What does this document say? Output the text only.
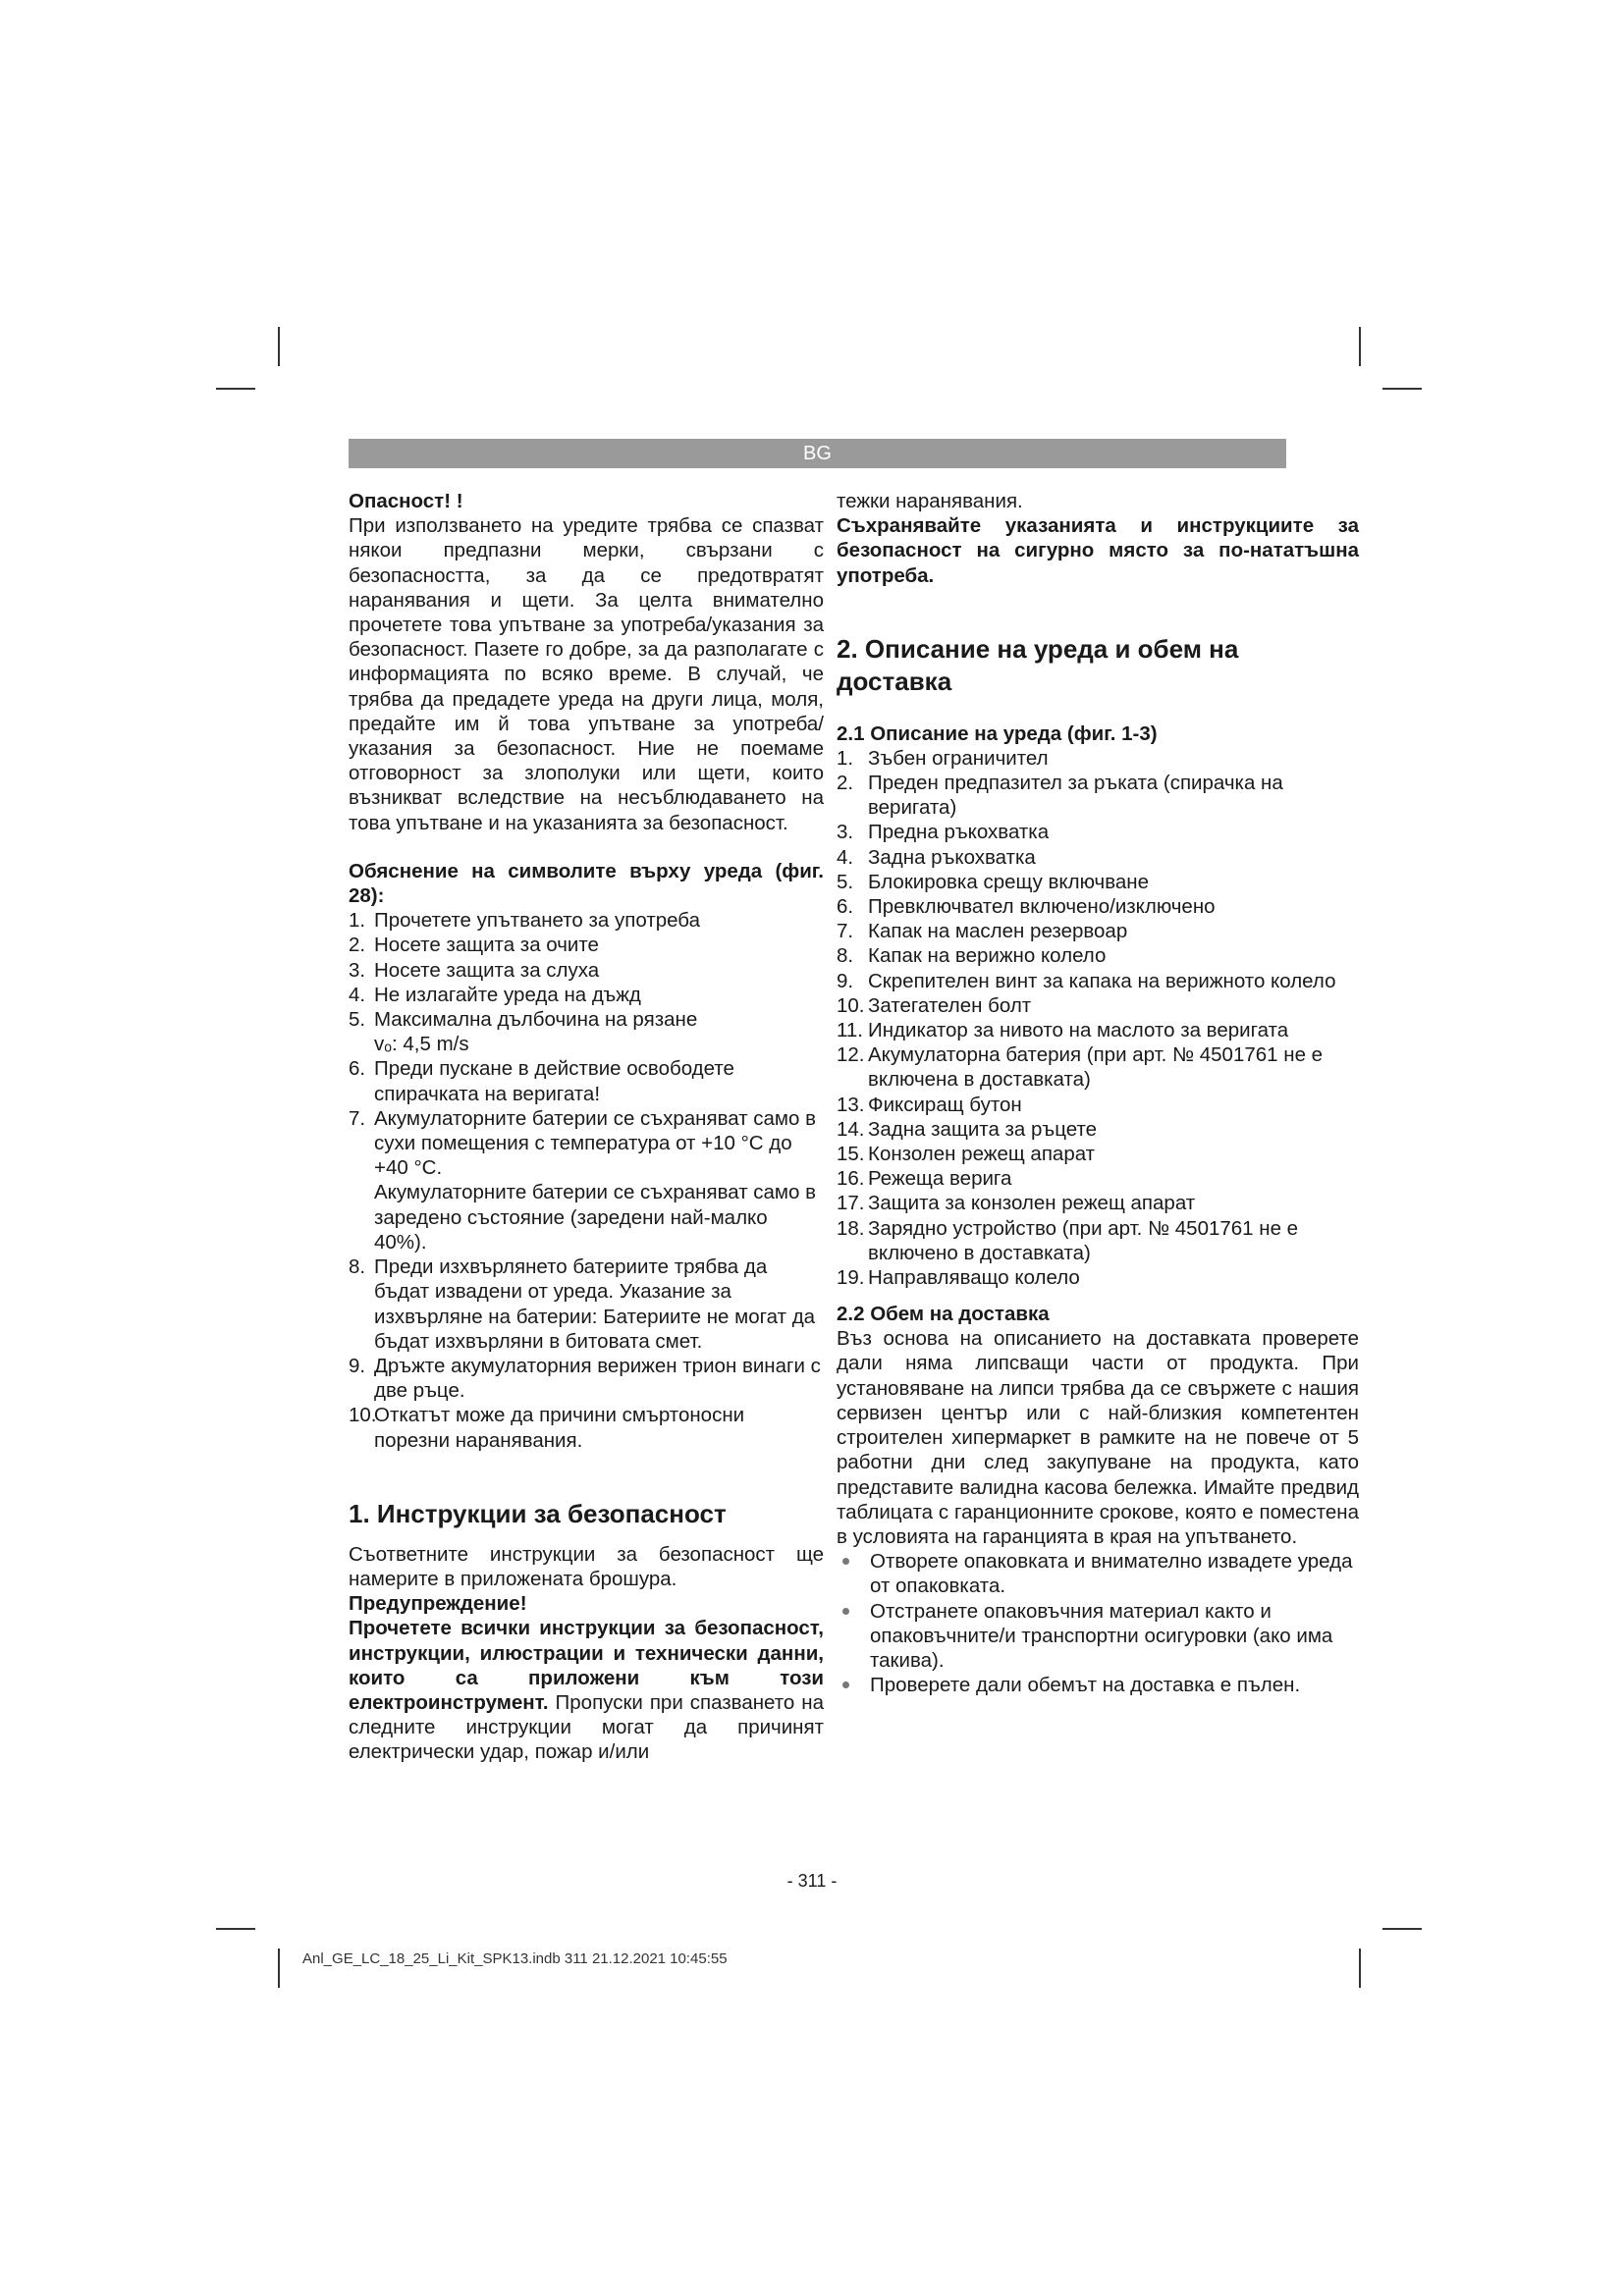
BG

Опасност! !

При използването на уредите трябва се спазват някои предпазни мерки, свързани с безопасността, за да се предотвратят наранявания и щети. За целта внимателно прочетете това упътване за употреба/указания за безопасност. Пазете го добре, за да разполагате с информацията по всяко време. В случай, че трябва да предадете уреда на други лица, моля, предайте им й това упътване за употреба/указания за безопасност. Ние не поемаме отговорност за злополуки или щети, които възникват вследствие на несъблюдаването на това упътване и на указанията за безопасност.

Обяснение на символите върху уреда (фиг. 28):

1. Прочетете упътването за употреба
2. Носете защита за очите
3. Носете защита за слуха
4. Не излагайте уреда на дъжд
5. Максимална дълбочина на рязане
vₒ: 4,5 m/s
6. Преди пускане в действие освободете спирачката на веригата!
7. Акумулаторните батерии се съхраняват само в сухи помещения с температура от +10 °C до +40 °C.
Акумулаторните батерии се съхраняват само в заредено състояние (заредени най-малко 40%).
8. Преди изхвърлянето батериите трябва да бъдат извадени от уреда. Указание за изхвърляне на батерии: Батериите не могат да бъдат изхвърляни в битовата смет.
9. Дръжте акумулаторния верижен трион винаги с две ръце.
10.
Откатът може да причини смъртоносни порезни наранявания.
1. Инструкции за безопасност

Съответните инструкции за безопасност ще намерите в приложената брошура.

Предупреждение!

Прочетете всички инструкции за безопасност, инструкции, илюстрации и технически данни, които са приложени към този електроинструмент. Пропуски при спазването на следните инструкции могат да причинят електрически удар, пожар и/или

тежки наранявания.

Съхранявайте указанията и инструкциите за безопасност на сигурно място за по-нататъшна употреба.

2. Описание на уреда и обем на доставка
2.1 Описание на уреда (фиг. 1-3)
1. Зъбен ограничител
2. Преден предпазител за ръката (спирачка на веригата)
3. Предна ръкохватка
4. Задна ръкохватка
5. Блокировка срещу включване
6. Превключвател включено/изключено
7. Капак на маслен резервоар
8. Капак на верижно колело
9. Скрепителен винт за капака на верижното колело
10. Затегателен болт
11. Индикатор за нивото на маслото за веригата
12. Акумулаторна батерия (при арт. № 4501761 не е включена в доставката)
13. Фиксиращ бутон
14. Задна защита за ръцете
15. Конзолен режещ апарат
16. Режеща верига
17. Защита за конзолен режещ апарат
18. Зарядно устройство (при арт. № 4501761 не е включено в доставката)
19. Направляващо колело
2.2 Обем на доставка

Въз основа на описанието на доставката проверете дали няма липсващи части от продукта. При установяване на липси трябва да се свържете с нашия сервизен център или с най-близкия компетентен строителен хипермаркет в рамките на не повече от 5 работни дни след закупуване на продукта, като представите валидна касова бележка. Имайте предвид таблицата с гаранционните срокове, която е поместена в условията на гаранцията в края на упътването.

Отворете опаковката и внимателно извадете уреда от опаковката.
Отстранете опаковъчния материал както и опаковъчните/и транспортни осигуровки (ако има такива).
Проверете дали обемът на доставка е пълен.
- 311 -
Anl_GE_LC_18_25_Li_Kit_SPK13.indb 311 21.12.2021 10:45:55
